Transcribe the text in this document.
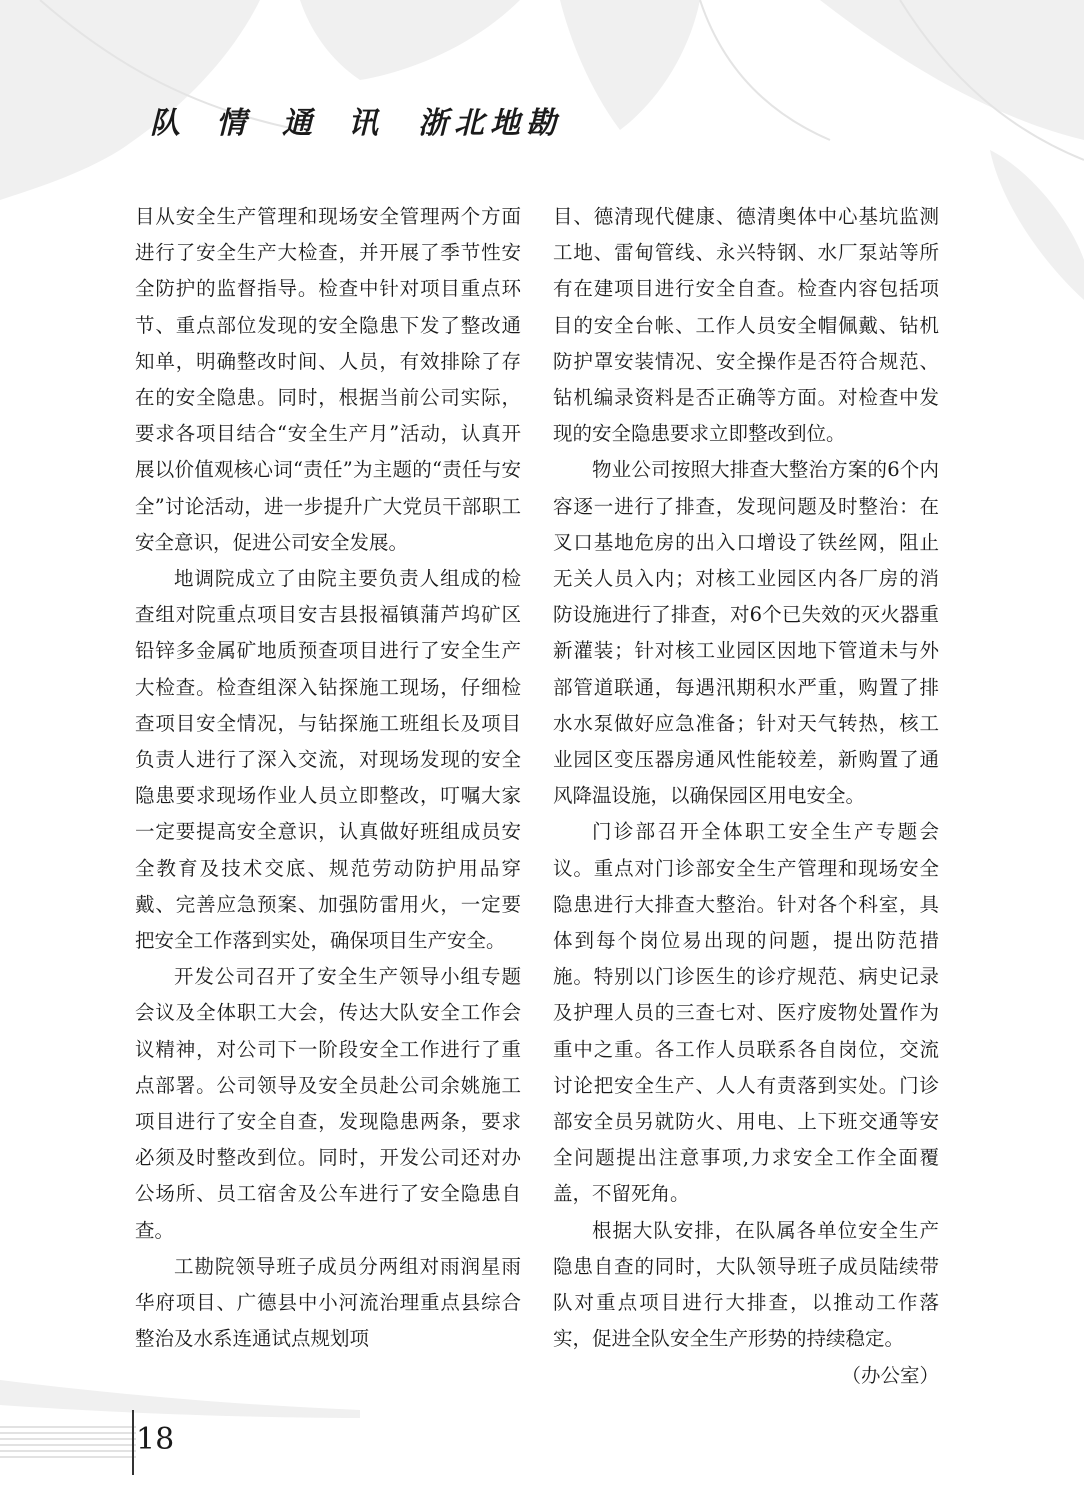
队情通讯 浙北地勘

目从安全生产管理和现场安全管理两个方面进行了安全生产大检查，并开展了季节性安全防护的监督指导。检查中针对项目重点环节、重点部位发现的安全隐患下发了整改通知单，明确整改时间、人员，有效排除了存在的安全隐患。同时，根据当前公司实际，要求各项目结合“安全生产月”活动，认真开展以价值观核心词“责任”为主题的“责任与安全”讨论活动，进一步提升广大党员干部职工安全意识，促进公司安全发展。

地调院成立了由院主要负责人组成的检查组对院重点项目安吉县报福镇蒲芦坞矿区铅锌多金属矿地质预查项目进行了安全生产大检查。检查组深入钻探施工现场，仔细检查项目安全情况，与钻探施工班组长及项目负责人进行了深入交流，对现场发现的安全隐患要求现场作业人员立即整改，叮嘱大家一定要提高安全意识，认真做好班组成员安全教育及技术交底、规范劳动防护用品穿戴、完善应急预案、加强防雷用火，一定要把安全工作落到实处，确保项目生产安全。

开发公司召开了安全生产领导小组专题会议及全体职工大会，传达大队安全工作会议精神，对公司下一阶段安全工作进行了重点部署。公司领导及安全员赴公司余姚施工项目进行了安全自查，发现隐患两条，要求必须及时整改到位。同时，开发公司还对办公场所、员工宿舍及公车进行了安全隐患自查。

工勘院领导班子成员分两组对雨润星雨华府项目、广德县中小河流治理重点县综合整治及水系连通试点规划项

目、德清现代健康、德清奥体中心基坑监测工地、雷甸管线、永兴特钢、水厂泵站等所有在建项目进行安全自查。检查内容包括项目的安全台帐、工作人员安全帽佩戴、钻机防护罩安装情况、安全操作是否符合规范、钻机编录资料是否正确等方面。对检查中发现的安全隐患要求立即整改到位。

物业公司按照大排查大整治方案的6个内容逐一进行了排查，发现问题及时整治：在叉口基地危房的出入口增设了铁丝网，阻止无关人员入内；对核工业园区内各厂房的消防设施进行了排查，对6个已失效的灭火器重新灌装；针对核工业园区因地下管道未与外部管道联通，每遇汛期积水严重，购置了排水水泵做好应急准备；针对天气转热，核工业园区变压器房通风性能较差，新购置了通风降温设施，以确保园区用电安全。

门诊部召开全体职工安全生产专题会议。重点对门诊部安全生产管理和现场安全隐患进行大排查大整治。针对各个科室，具体到每个岗位易出现的问题，提出防范措施。特别以门诊医生的诊疗规范、病史记录及护理人员的三查七对、医疗废物处置作为重中之重。各工作人员联系各自岗位，交流讨论把安全生产、人人有责落到实处。门诊部安全员另就防火、用电、上下班交通等安全问题提出注意事项,力求安全工作全面覆盖，不留死角。

根据大队安排，在队属各单位安全生产隐患自查的同时，大队领导班子成员陆续带队对重点项目进行大排查，以推动工作落实，促进全队安全生产形势的持续稳定。
（办公室）

18
